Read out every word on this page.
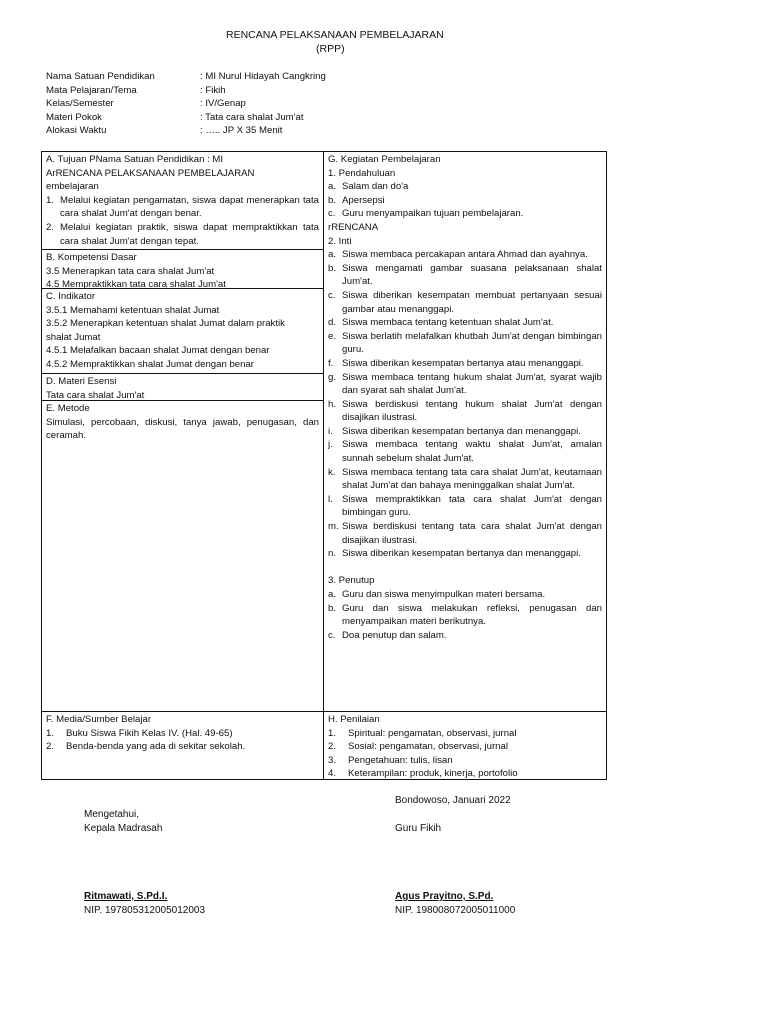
RENCANA PELAKSANAAN PEMBELAJARAN
(RPP)
Nama Satuan Pendidikan	: MI Nurul Hidayah Cangkring
Mata Pelajaran/Tema	: Fikih
Kelas/Semester	: IV/Genap
Materi Pokok	: Tata cara shalat Jum'at
Alokasi Waktu	: ….. JP X 35 Menit
A. Tujuan PNama Satuan Pendidikan : MI
ArRENCANA PELAKSANAAN PEMBELAJARAN
embelajaran
1. Melalui kegiatan pengamatan, siswa dapat menerapkan tata cara shalat Jum'at dengan benar.
2. Melalui kegiatan praktik, siswa dapat mempraktikkan tata cara shalat Jum'at dengan tepat.
B. Kompetensi Dasar
3.5 Menerapkan tata cara shalat Jum'at
4.5 Mempraktikkan tata cara shalat Jum'at
C. Indikator
3.5.1 Memahami ketentuan shalat Jumat
3.5.2 Menerapkan ketentuan shalat Jumat dalam praktik
shalat Jumat
4.5.1 Melafalkan bacaan shalat Jumat dengan benar
4.5.2 Mempraktikkan shalat Jumat dengan benar
D. Materi Esensi
Tata cara shalat Jum'at
E. Metode
Simulasi, percobaan, diskusi, tanya jawab, penugasan, dan ceramah.
F. Media/Sumber Belajar
1.	Buku Siswa Fikih Kelas IV. (Hal. 49-65)
2.	Benda-benda yang ada di sekitar sekolah.
G. Kegiatan Pembelajaran
1. Pendahuluan
a. Salam dan do'a
b. Apersepsi
c. Guru menyampaikan tujuan pembelajaran.
rRENCANA
2. Inti
a. Siswa membaca percakapan antara Ahmad dan ayahnya.
b. Siswa mengamati gambar suasana pelaksanaan shalat Jum'at.
c. Siswa diberikan kesempatan membuat pertanyaan sesuai gambar atau menanggapi.
d. Siswa membaca tentang ketentuan shalat Jum'at.
e. Siswa berlatih melafalkan khutbah Jum'at dengan bimbingan guru.
f. Siswa diberikan kesempatan bertanya atau menanggapi.
g. Siswa membaca tentang hukum shalat Jum'at, syarat wajib dan syarat sah shalat Jum'at.
h. Siswa berdiskusi tentang hukum shalat Jum'at dengan disajikan ilustrasi.
i. Siswa diberikan kesempatan bertanya dan menanggapi.
j. Siswa membaca tentang waktu shalat Jum'at, amalan sunnah sebelum shalat Jum'at.
k. Siswa membaca tentang tata cara shalat Jum'at, keutamaan shalat Jum'at dan bahaya meninggalkan shalat Jum'at.
l. Siswa mempraktikkan tata cara shalat Jum'at dengan bimbingan guru.
m. Siswa berdiskusi tentang tata cara shalat Jum'at dengan disajikan ilustrasi.
n. Siswa diberikan kesempatan bertanya dan menanggapi.
3. Penutup
a. Guru dan siswa menyimpulkan materi bersama.
b. Guru dan siswa melakukan refleksi, penugasan dan menyampaikan materi berikutnya.
c. Doa penutup dan salam.
H. Penilaian
1.	Spiritual: pengamatan, observasi, jurnal
2.	Sosial: pengamatan, observasi, jurnal
3.	Pengetahuan: tulis, lisan
4.	Keterampilan: produk, kinerja, portofolio
Bondowoso, Januari 2022
Mengetahui,
Kepala Madrasah	Guru Fikih
Ritmawati, S.Pd.I.
NIP. 197805312005012003
Agus Prayitno, S.Pd.
NIP. 198008072005011000
